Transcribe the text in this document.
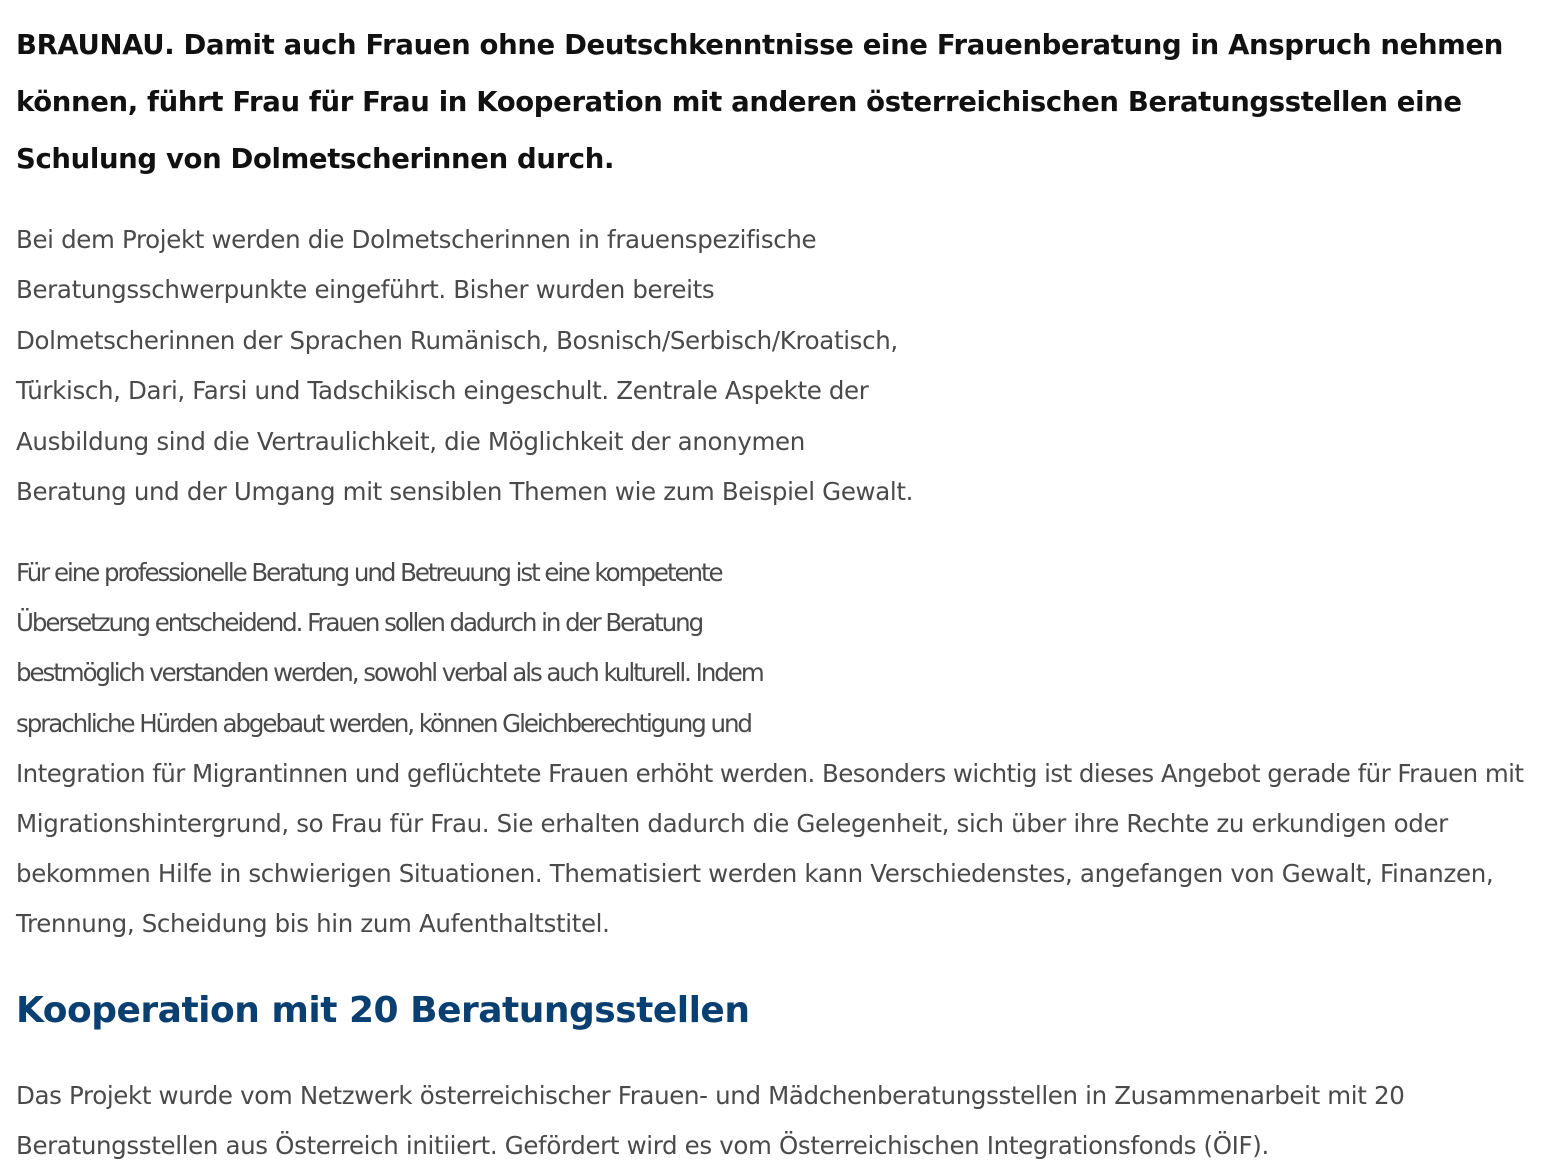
BRAUNAU. Damit auch Frauen ohne Deutschkenntnisse eine Frauenberatung in Anspruch nehmen können, führt Frau für Frau in Kooperation mit anderen österreichischen Beratungsstellen eine Schulung von Dolmetscherinnen durch.

Bei dem Projekt werden die Dolmetscherinnen in frauenspezifische
Beratungsschwerpunkte eingeführt. Bisher wurden bereits
Dolmetscherinnen der Sprachen Rumänisch, Bosnisch/Serbisch/Kroatisch,
Türkisch, Dari, Farsi und Tadschikisch eingeschult. Zentrale Aspekte der
Ausbildung sind die Vertraulichkeit, die Möglichkeit der anonymen
Beratung und der Umgang mit sensiblen Themen wie zum Beispiel Gewalt.

Für eine professionelle Beratung und Betreuung ist eine kompetente
Übersetzung entscheidend. Frauen sollen dadurch in der Beratung
bestmöglich verstanden werden, sowohl verbal als auch kulturell. Indem
sprachliche Hürden abgebaut werden, können Gleichberechtigung und
Integration für Migrantinnen und geflüchtete Frauen erhöht werden. Besonders wichtig ist dieses Angebot gerade für Frauen mit
Migrationshintergrund, so Frau für Frau. Sie erhalten dadurch die Gelegenheit, sich über ihre Rechte zu erkundigen oder
bekommen Hilfe in schwierigen Situationen. Thematisiert werden kann Verschiedenstes, angefangen von Gewalt, Finanzen,
Trennung, Scheidung bis hin zum Aufenthaltstitel.

Kooperation mit 20 Beratungsstellen

Das Projekt wurde vom Netzwerk österreichischer Frauen- und Mädchenberatungsstellen in Zusammenarbeit mit 20
Beratungsstellen aus Österreich initiiert. Gefördert wird es vom Österreichischen Integrationsfonds (ÖIF).
